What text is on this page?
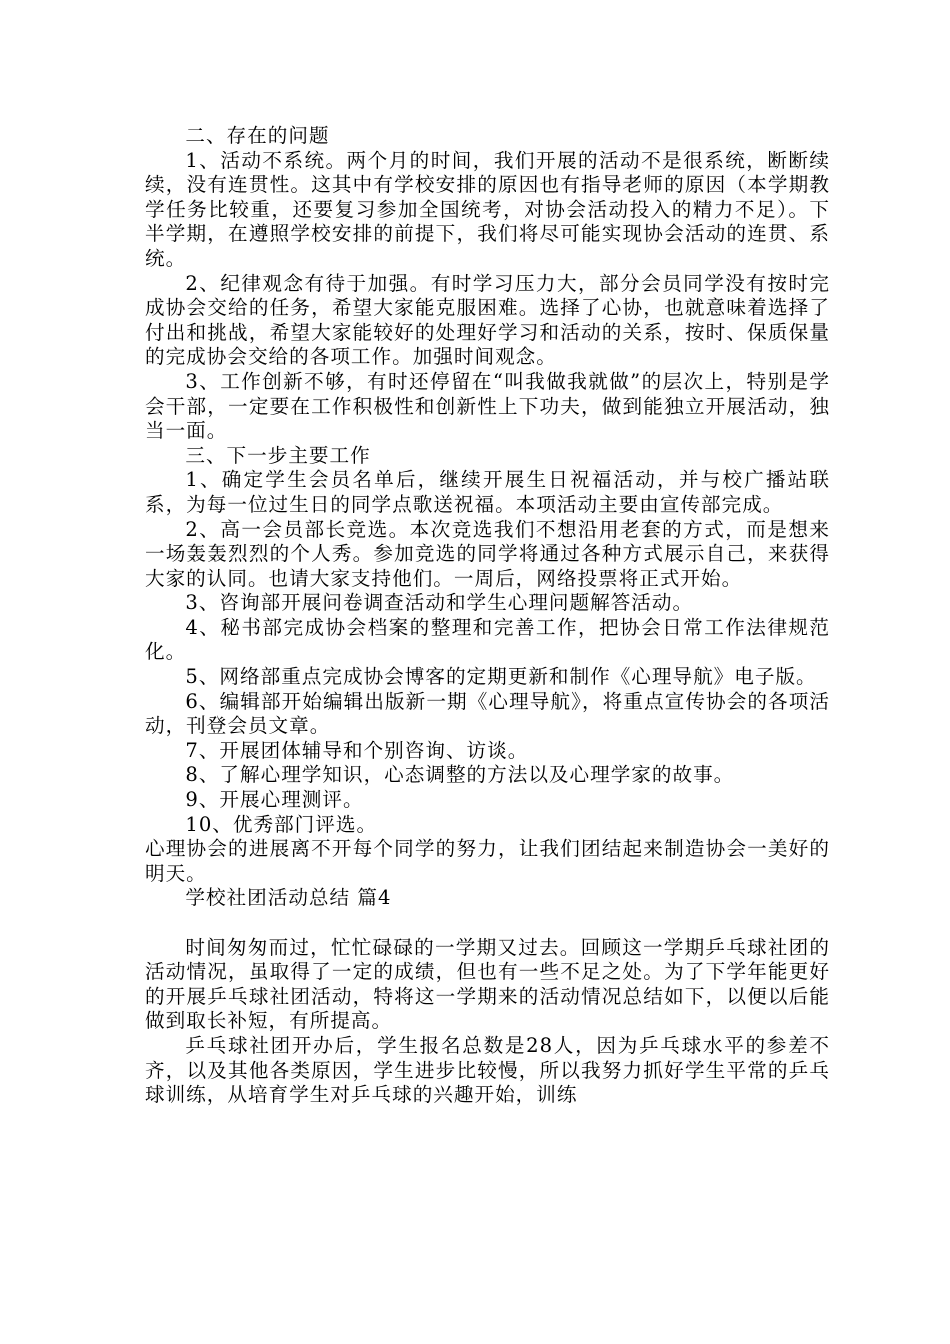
二、存在的问题

1、活动不系统。两个月的时间，我们开展的活动不是很系统，断断续续，没有连贯性。这其中有学校安排的原因也有指导老师的原因（本学期教学任务比较重，还要复习参加全国统考，对协会活动投入的精力不足）。下半学期，在遵照学校安排的前提下，我们将尽可能实现协会活动的连贯、系统。

2、纪律观念有待于加强。有时学习压力大，部分会员同学没有按时完成协会交给的任务，希望大家能克服困难。选择了心协，也就意味着选择了付出和挑战，希望大家能较好的处理好学习和活动的关系，按时、保质保量的完成协会交给的各项工作。加强时间观念。

3、工作创新不够，有时还停留在“叫我做我就做”的层次上，特别是学会干部，一定要在工作积极性和创新性上下功夫，做到能独立开展活动，独当一面。

三、下一步主要工作

1、确定学生会员名单后，继续开展生日祝福活动，并与校广播站联系，为每一位过生日的同学点歌送祝福。本项活动主要由宣传部完成。

2、高一会员部长竞选。本次竞选我们不想沿用老套的方式，而是想来一场轰轰烈烈的个人秀。参加竞选的同学将通过各种方式展示自己，来获得大家的认同。也请大家支持他们。一周后，网络投票将正式开始。

3、咨询部开展问卷调查活动和学生心理问题解答活动。

4、秘书部完成协会档案的整理和完善工作，把协会日常工作法律规范化。

5、网络部重点完成协会博客的定期更新和制作《心理导航》电子版。

6、编辑部开始编辑出版新一期《心理导航》，将重点宣传协会的各项活动，刊登会员文章。

7、开展团体辅导和个别咨询、访谈。

8、了解心理学知识，心态调整的方法以及心理学家的故事。

9、开展心理测评。

10、优秀部门评选。

心理协会的进展离不开每个同学的努力，让我们团结起来制造协会一美好的明天。

学校社团活动总结 篇4

时间匆匆而过，忙忙碌碌的一学期又过去。回顾这一学期乒乓球社团的活动情况，虽取得了一定的成绩，但也有一些不足之处。为了下学年能更好的开展乒乓球社团活动，特将这一学期来的活动情况总结如下，以便以后能做到取长补短，有所提高。

乒乓球社团开办后，学生报名总数是28人，因为乒乓球水平的参差不齐，以及其他各类原因，学生进步比较慢，所以我努力抓好学生平常的乒乓球训练，从培育学生对乒乓球的兴趣开始，训练
